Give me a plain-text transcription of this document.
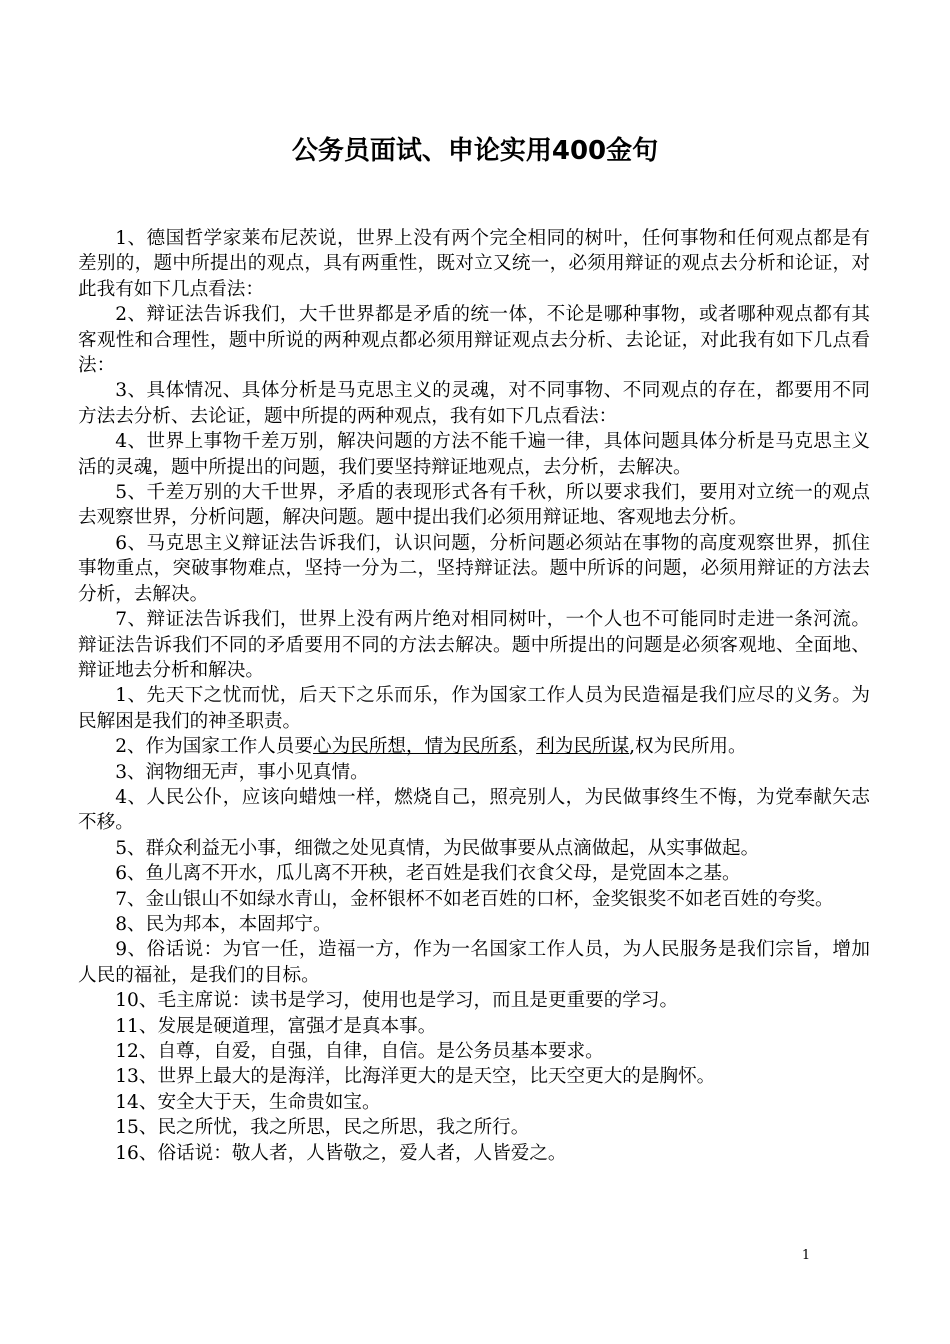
公务员面试、申论实用400金句

1、德国哲学家莱布尼茨说，世界上没有两个完全相同的树叶，任何事物和任何观点都是有差别的，题中所提出的观点，具有两重性，既对立又统一，必须用辩证的观点去分析和论证，对此我有如下几点看法：

2、辩证法告诉我们，大千世界都是矛盾的统一体，不论是哪种事物，或者哪种观点都有其客观性和合理性，题中所说的两种观点都必须用辩证观点去分析、去论证，对此我有如下几点看法：

3、具体情况、具体分析是马克思主义的灵魂，对不同事物、不同观点的存在，都要用不同方法去分析、去论证，题中所提的两种观点，我有如下几点看法：

4、世界上事物千差万别，解决问题的方法不能千遍一律，具体问题具体分析是马克思主义活的灵魂，题中所提出的问题，我们要坚持辩证地观点，去分析，去解决。

5、千差万别的大千世界，矛盾的表现形式各有千秋，所以要求我们，要用对立统一的观点去观察世界，分析问题，解决问题。题中提出我们必须用辩证地、客观地去分析。

6、马克思主义辩证法告诉我们，认识问题，分析问题必须站在事物的高度观察世界，抓住事物重点，突破事物难点，坚持一分为二，坚持辩证法。题中所诉的问题，必须用辩证的方法去分析，去解决。

7、辩证法告诉我们，世界上没有两片绝对相同树叶，一个人也不可能同时走进一条河流。辩证法告诉我们不同的矛盾要用不同的方法去解决。题中所提出的问题是必须客观地、全面地、辩证地去分析和解决。

1、先天下之忧而忧，后天下之乐而乐，作为国家工作人员为民造福是我们应尽的义务。为民解困是我们的神圣职责。

2、作为国家工作人员要心为民所想，情为民所系，利为民所谋,权为民所用。

3、润物细无声，事小见真情。

4、人民公仆，应该向蜡烛一样，燃烧自己，照亮别人，为民做事终生不悔，为党奉献矢志不移。

5、群众利益无小事，细微之处见真情，为民做事要从点滴做起，从实事做起。

6、鱼儿离不开水，瓜儿离不开秧，老百姓是我们衣食父母，是党固本之基。

7、金山银山不如绿水青山，金杯银杯不如老百姓的口杯，金奖银奖不如老百姓的夸奖。

8、民为邦本，本固邦宁。

9、俗话说：为官一任，造福一方，作为一名国家工作人员，为人民服务是我们宗旨，增加人民的福祉，是我们的目标。

10、毛主席说：读书是学习，使用也是学习，而且是更重要的学习。

11、发展是硬道理，富强才是真本事。

12、自尊，自爱，自强，自律，自信。是公务员基本要求。

13、世界上最大的是海洋，比海洋更大的是天空，比天空更大的是胸怀。

14、安全大于天，生命贵如宝。

15、民之所忧，我之所思，民之所思，我之所行。

16、俗话说：敬人者，人皆敬之，爱人者，人皆爱之。

1
